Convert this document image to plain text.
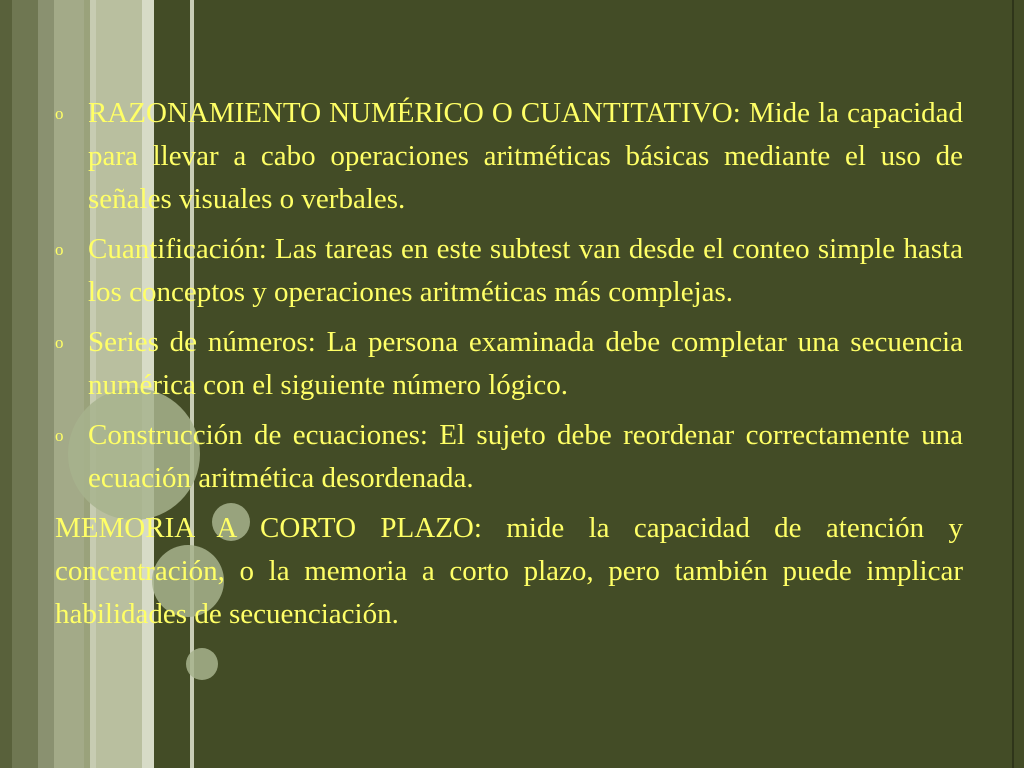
o RAZONAMIENTO NUMÉRICO O CUANTITATIVO: Mide la capacidad para llevar a cabo operaciones aritméticas básicas mediante el uso de señales visuales o verbales.
o Cuantificación: Las tareas en este subtest van desde el conteo simple hasta los conceptos y operaciones aritméticas más complejas.
o Series de números: La persona examinada debe completar una secuencia numérica con el siguiente número lógico.
o Construcción de ecuaciones: El sujeto debe reordenar correctamente una ecuación aritmética desordenada.
MEMORIA A CORTO PLAZO: mide la capacidad de atención y concentración, o la memoria a corto plazo, pero también puede implicar habilidades de secuenciación.
